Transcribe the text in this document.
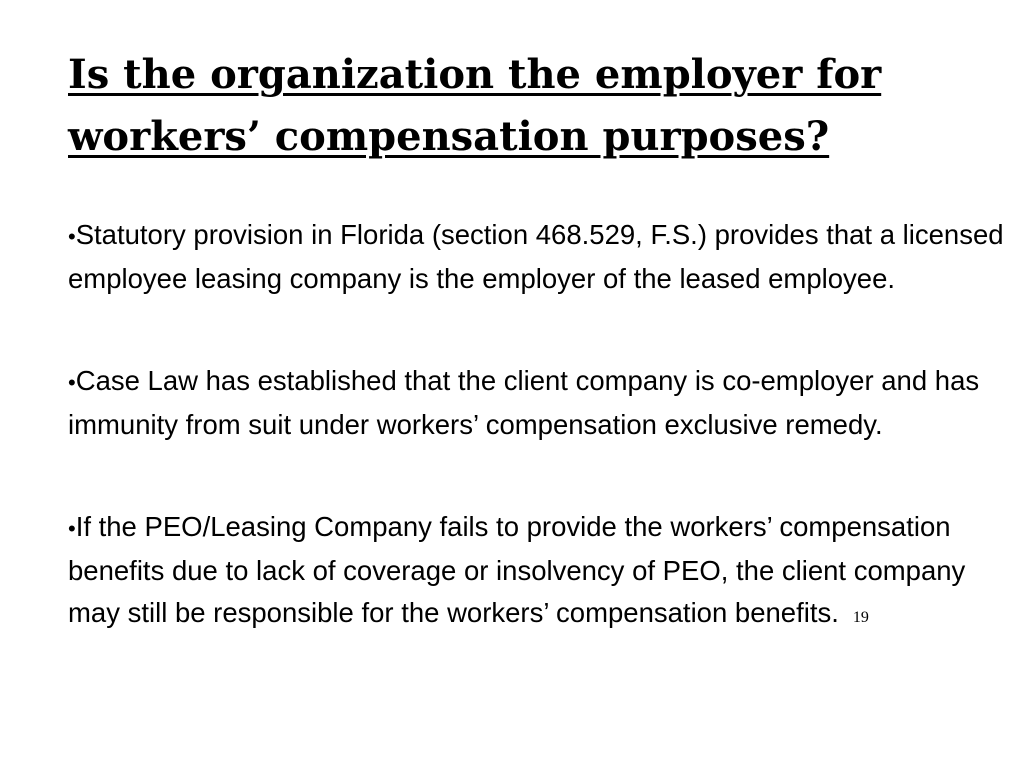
Is the organization the employer for workers’ compensation purposes?
•Statutory provision in Florida (section 468.529, F.S.) provides that a licensed employee leasing company is the employer of the leased employee.
•Case Law has established that the client company is co-employer and has immunity from suit under workers’ compensation exclusive remedy.
•If the PEO/Leasing Company fails to provide the workers’ compensation benefits due to lack of coverage or insolvency of PEO, the client company may still be responsible for the workers’ compensation benefits. 19
